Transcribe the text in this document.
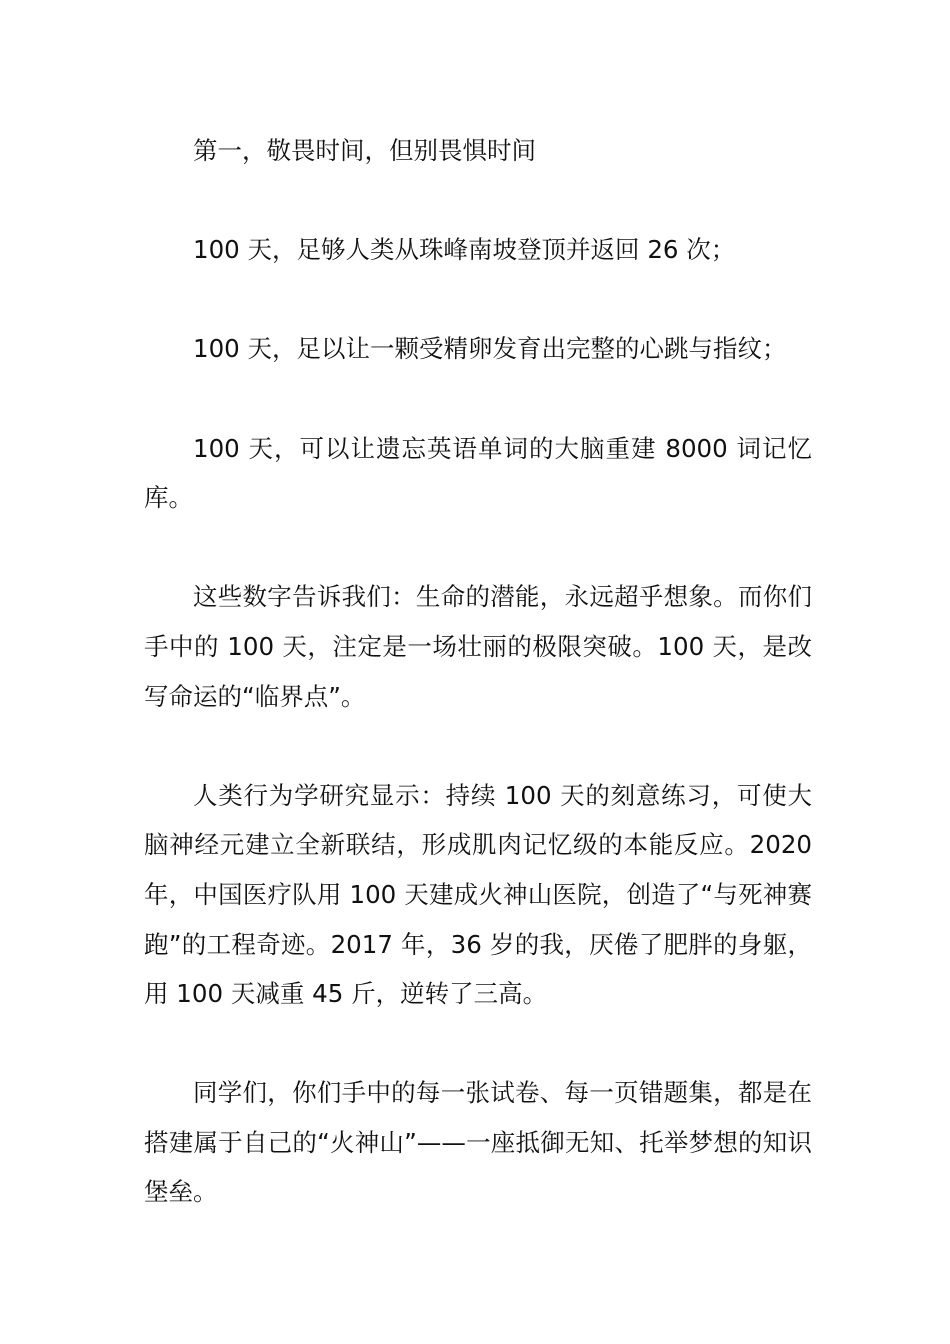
第一，敬畏时间，但别畏惧时间

100 天，足够人类从珠峰南坡登顶并返回 26 次；

100 天，足以让一颗受精卵发育出完整的心跳与指纹；

100 天，可以让遗忘英语单词的大脑重建 8000 词记忆库。

这些数字告诉我们：生命的潜能，永远超乎想象。而你们手中的 100 天，注定是一场壮丽的极限突破。100 天，是改写命运的“临界点”。

人类行为学研究显示：持续 100 天的刻意练习，可使大脑神经元建立全新联结，形成肌肉记忆级的本能反应。2020 年，中国医疗队用 100 天建成火神山医院，创造了“与死神赛跑”的工程奇迹。2017 年，36 岁的我，厌倦了肥胖的身躯，用 100 天减重 45 斤，逆转了三高。

同学们，你们手中的每一张试卷、每一页错题集，都是在搭建属于自己的“火神山”——一座抵御无知、托举梦想的知识堡垒。
